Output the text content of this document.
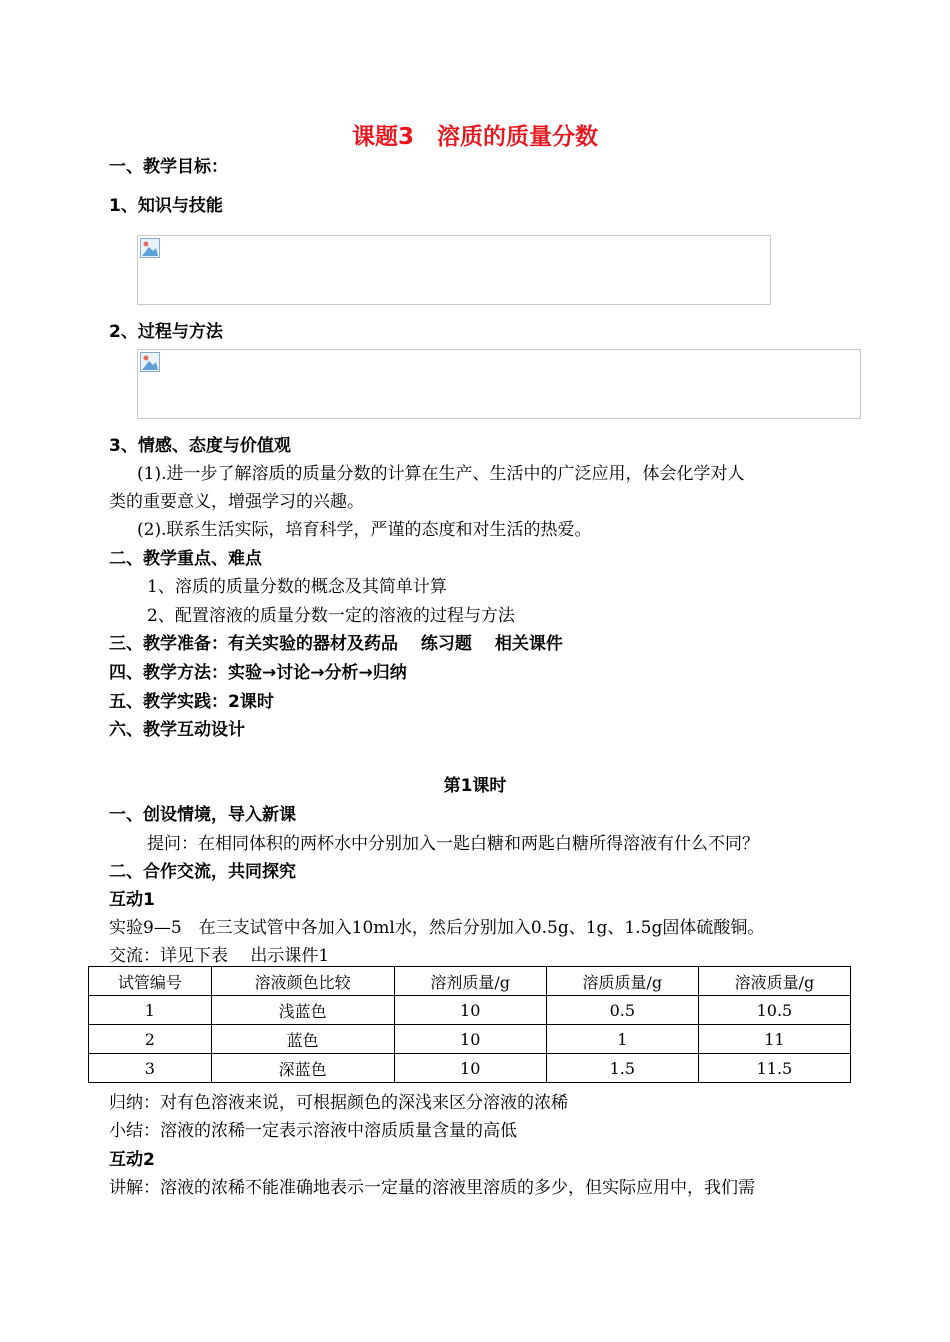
课题3　溶质的质量分数
一、教学目标：
1、知识与技能
2、过程与方法
3、情感、态度与价值观
(1).进一步了解溶质的质量分数的计算在生产、生活中的广泛应用，体会化学对人
类的重要意义，增强学习的兴趣。
(2).联系生活实际，培育科学，严谨的态度和对生活的热爱。
二、教学重点、难点
1、溶质的质量分数的概念及其简单计算
2、配置溶液的质量分数一定的溶液的过程与方法
三、教学准备：有关实验的器材及药品　 练习题　 相关课件
四、教学方法：实验→讨论→分析→归纳
五、教学实践：2课时
六、教学互动设计
第1课时
一、创设情境，导入新课
提问：在相同体积的两杯水中分别加入一匙白糖和两匙白糖所得溶液有什么不同？
二、合作交流，共同探究
互动1
实验9—5　在三支试管中各加入10ml水，然后分别加入0.5g、1g、1.5g固体硫酸铜。
交流：详见下表　 出示课件1
试管编号	溶液颜色比较	溶剂质量/g	溶质质量/g	溶液质量/g
1	浅蓝色	10	0.5	10.5
2	蓝色	10	1	11
3	深蓝色	10	1.5	11.5
归纳：对有色溶液来说，可根据颜色的深浅来区分溶液的浓稀
小结：溶液的浓稀一定表示溶液中溶质质量含量的高低
互动2
讲解：溶液的浓稀不能准确地表示一定量的溶液里溶质的多少，但实际应用中，我们需
